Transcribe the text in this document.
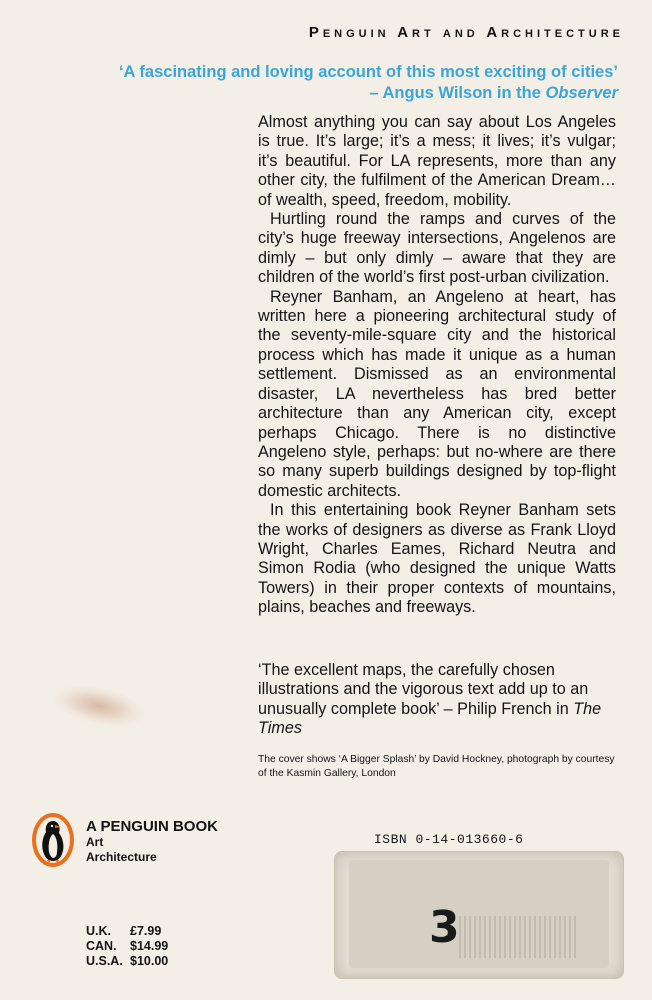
Penguin Art and Architecture
‘A fascinating and loving account of this most exciting of cities’
– Angus Wilson in the Observer

Almost anything you can say about Los Angeles is true. It’s large; it’s a mess; it lives; it’s vulgar; it’s beautiful. For LA represents, more than any other city, the fulfilment of the American Dream…of wealth, speed, freedom, mobility.

Hurtling round the ramps and curves of the city’s huge freeway intersections, Angelenos are dimly – but only dimly – aware that they are children of the world’s first post-urban civilization.

Reyner Banham, an Angeleno at heart, has written here a pioneering architectural study of the seventy-mile-square city and the historical process which has made it unique as a human settlement. Dismissed as an environmental disaster, LA nevertheless has bred better architecture than any American city, except perhaps Chicago. There is no distinctive Angeleno style, perhaps: but no-where are there so many superb buildings designed by top-flight domestic architects.

In this entertaining book Reyner Banham sets the works of designers as diverse as Frank Lloyd Wright, Charles Eames, Richard Neutra and Simon Rodia (who designed the unique Watts Towers) in their proper contexts of mountains, plains, beaches and freeways.

‘The excellent maps, the carefully chosen illustrations and the vigorous text add up to an unusually complete book’ – Philip French in The Times
The cover shows ‘A Bigger Splash’ by David Hockney, photograph by courtesy of the Kasmin Gallery, London
A PENGUIN BOOK
Art
Architecture
ISBN 0-14-013660-6
3
U.K.	£7.99
CAN.	$14.99
U.S.A. $10.00
